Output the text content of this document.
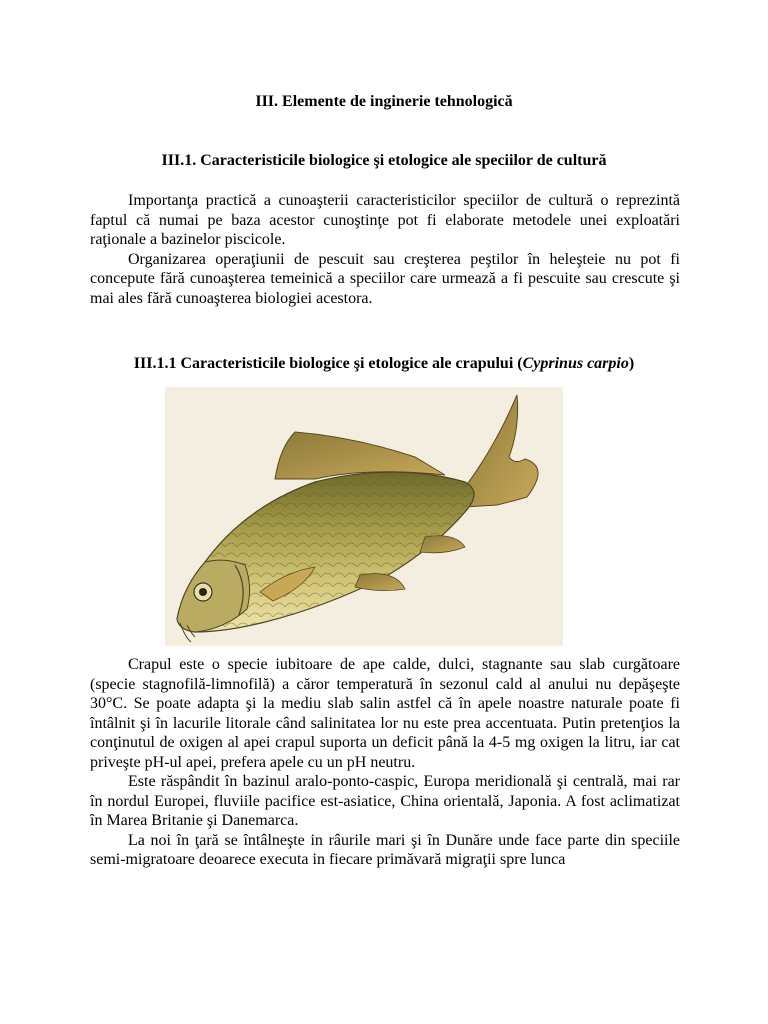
III. Elemente de inginerie tehnologică
III.1. Caracteristicile biologice şi etologice ale speciilor de cultură

Importanţa practică a cunoaşterii caracteristicilor speciilor de cultură o reprezintă faptul că numai pe baza acestor cunoştinţe pot fi elaborate metodele unei exploatări raţionale a bazinelor piscicole.

Organizarea operaţiunii de pescuit sau creşterea peştilor în heleşteie nu pot fi concepute fără cunoaşterea temeinică a speciilor care urmează a fi pescuite sau crescute şi mai ales fără cunoaşterea biologiei acestora.

III.1.1 Caracteristicile biologice şi etologice ale crapului (Cyprinus carpio)

Crapul este o specie iubitoare de ape calde, dulci, stagnante sau slab curgătoare (specie stagnofilă-limnofilă) a căror temperatură în sezonul cald al anului nu depăşeşte 30°C. Se poate adapta şi la mediu slab salin astfel că în apele noastre naturale poate fi întâlnit şi în lacurile litorale când salinitatea lor nu este prea accentuata. Putin pretenţios la conţinutul de oxigen al apei crapul suporta un deficit până la 4-5 mg oxigen la litru, iar cat priveşte pH-ul apei, prefera apele cu un pH neutru.

Este răspândit în bazinul aralo-ponto-caspic, Europa meridională şi centrală, mai rar în nordul Europei, fluviile pacifice est-asiatice, China orientală, Japonia. A fost aclimatizat în Marea Britanie şi Danemarca.

La noi în ţară se întâlneşte in râurile mari şi în Dunăre unde face parte din speciile semi-migratoare deoarece executa in fiecare primăvară migraţii spre lunca
